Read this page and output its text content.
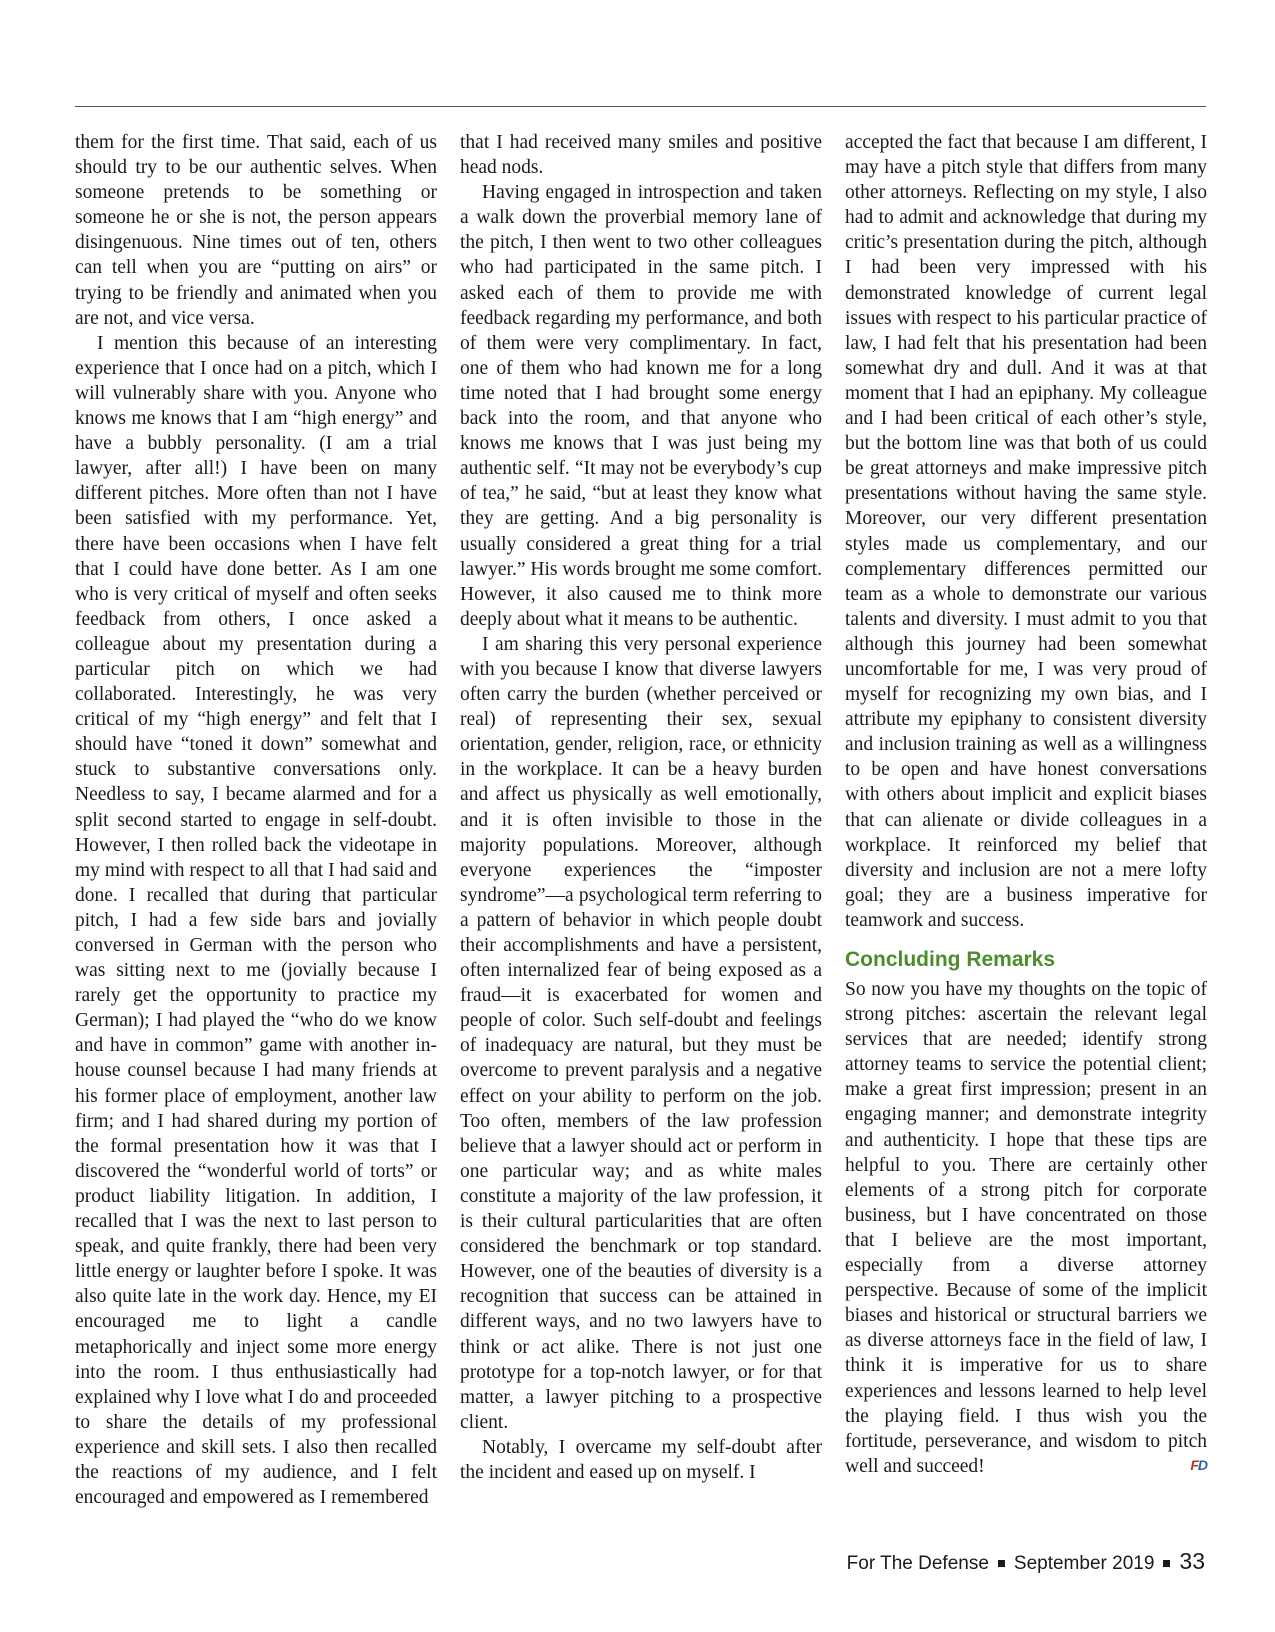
them for the first time. That said, each of us should try to be our authentic selves. When someone pretends to be something or someone he or she is not, the person appears disingenuous. Nine times out of ten, others can tell when you are “putting on airs” or trying to be friendly and animated when you are not, and vice versa.

I mention this because of an interesting experience that I once had on a pitch, which I will vulnerably share with you. Anyone who knows me knows that I am “high energy” and have a bubbly personality. (I am a trial lawyer, after all!) I have been on many different pitches. More often than not I have been satisfied with my performance. Yet, there have been occasions when I have felt that I could have done better. As I am one who is very critical of myself and often seeks feedback from others, I once asked a colleague about my presentation during a particular pitch on which we had collaborated. Interestingly, he was very critical of my “high energy” and felt that I should have “toned it down” somewhat and stuck to substantive conversations only. Needless to say, I became alarmed and for a split second started to engage in self-doubt. However, I then rolled back the videotape in my mind with respect to all that I had said and done. I recalled that during that particular pitch, I had a few side bars and jovially conversed in German with the person who was sitting next to me (jovially because I rarely get the opportunity to practice my German); I had played the “who do we know and have in common” game with another in-house counsel because I had many friends at his former place of employment, another law firm; and I had shared during my portion of the formal presentation how it was that I discovered the “wonderful world of torts” or product liability litigation. In addition, I recalled that I was the next to last person to speak, and quite frankly, there had been very little energy or laughter before I spoke. It was also quite late in the work day. Hence, my EI encouraged me to light a candle metaphorically and inject some more energy into the room. I thus enthusiastically had explained why I love what I do and proceeded to share the details of my professional experience and skill sets. I also then recalled the reactions of my audience, and I felt encouraged and empowered as I remembered

that I had received many smiles and positive head nods.

Having engaged in introspection and taken a walk down the proverbial memory lane of the pitch, I then went to two other colleagues who had participated in the same pitch. I asked each of them to provide me with feedback regarding my performance, and both of them were very complimentary. In fact, one of them who had known me for a long time noted that I had brought some energy back into the room, and that anyone who knows me knows that I was just being my authentic self. “It may not be everybody’s cup of tea,” he said, “but at least they know what they are getting. And a big personality is usually considered a great thing for a trial lawyer.” His words brought me some comfort. However, it also caused me to think more deeply about what it means to be authentic.

I am sharing this very personal experience with you because I know that diverse lawyers often carry the burden (whether perceived or real) of representing their sex, sexual orientation, gender, religion, race, or ethnicity in the workplace. It can be a heavy burden and affect us physically as well emotionally, and it is often invisible to those in the majority populations. Moreover, although everyone experiences the “imposter syndrome”—a psychological term referring to a pattern of behavior in which people doubt their accomplishments and have a persistent, often internalized fear of being exposed as a fraud—it is exacerbated for women and people of color. Such self-doubt and feelings of inadequacy are natural, but they must be overcome to prevent paralysis and a negative effect on your ability to perform on the job. Too often, members of the law profession believe that a lawyer should act or perform in one particular way; and as white males constitute a majority of the law profession, it is their cultural particularities that are often considered the benchmark or top standard. However, one of the beauties of diversity is a recognition that success can be attained in different ways, and no two lawyers have to think or act alike. There is not just one prototype for a top-notch lawyer, or for that matter, a lawyer pitching to a prospective client.

Notably, I overcame my self-doubt after the incident and eased up on myself. I

accepted the fact that because I am different, I may have a pitch style that differs from many other attorneys. Reflecting on my style, I also had to admit and acknowledge that during my critic’s presentation during the pitch, although I had been very impressed with his demonstrated knowledge of current legal issues with respect to his particular practice of law, I had felt that his presentation had been somewhat dry and dull. And it was at that moment that I had an epiphany. My colleague and I had been critical of each other’s style, but the bottom line was that both of us could be great attorneys and make impressive pitch presentations without having the same style. Moreover, our very different presentation styles made us complementary, and our complementary differences permitted our team as a whole to demonstrate our various talents and diversity. I must admit to you that although this journey had been somewhat uncomfortable for me, I was very proud of myself for recognizing my own bias, and I attribute my epiphany to consistent diversity and inclusion training as well as a willingness to be open and have honest conversations with others about implicit and explicit biases that can alienate or divide colleagues in a workplace. It reinforced my belief that diversity and inclusion are not a mere lofty goal; they are a business imperative for teamwork and success.

Concluding Remarks

So now you have my thoughts on the topic of strong pitches: ascertain the relevant legal services that are needed; identify strong attorney teams to service the potential client; make a great first impression; present in an engaging manner; and demonstrate integrity and authenticity. I hope that these tips are helpful to you. There are certainly other elements of a strong pitch for corporate business, but I have concentrated on those that I believe are the most important, especially from a diverse attorney perspective. Because of some of the implicit biases and historical or structural barriers we as diverse attorneys face in the field of law, I think it is imperative for us to share experiences and lessons learned to help level the playing field. I thus wish you the fortitude, perseverance, and wisdom to pitch well and succeed!	FD

For The Defense September 2019 33
